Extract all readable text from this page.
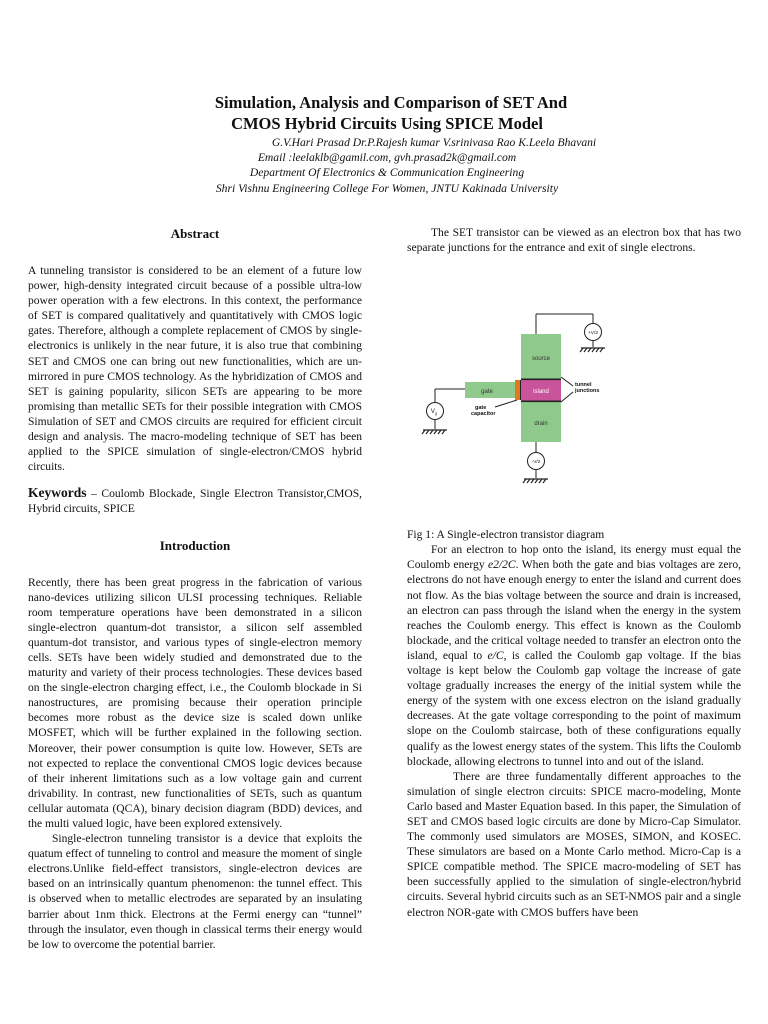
Simulation, Analysis and Comparison of SET And
CMOS Hybrid Circuits Using SPICE Model
G.V.Hari Prasad Dr.P.Rajesh kumar V.srinivasa Rao K.Leela Bhavani
Email :leelaklb@gamil.com, gvh.prasad2k@gmail.com
Department Of Electronics & Communication Engineering
Shri Vishnu Engineering College For Women, JNTU Kakinada University
Abstract

A tunneling transistor is considered to be an element of a future low power, high-density integrated circuit because of a possible ultra-low power operation with a few electrons. In this context, the performance of SET is compared qualitatively and quantitatively with CMOS logic gates. Therefore, although a complete replacement of CMOS by single-electronics is unlikely in the near future, it is also true that combining SET and CMOS one can bring out new functionalities, which are un-mirrored in pure CMOS technology. As the hybridization of CMOS and SET is gaining popularity, silicon SETs are appearing to be more promising than metallic SETs for their possible integration with CMOS Simulation of SET and CMOS circuits are required for efficient circuit design and analysis. The macro-modeling technique of SET has been applied to the SPICE simulation of single-electron/CMOS hybrid circuits.

Keywords – Coulomb Blockade, Single Electron Transistor,CMOS, Hybrid circuits, SPICE

Introduction

Recently, there has been great progress in the fabrication of various nano-devices utilizing silicon ULSI processing techniques. Reliable room temperature operations have been demonstrated in a silicon single-electron quantum-dot transistor, a silicon self assembled quantum-dot transistor, and various types of single-electron memory cells. SETs have been widely studied and demonstrated due to the maturity and variety of their process technologies. These devices based on the single-electron charging effect, i.e., the Coulomb blockade in Si nanostructures, are promising because their operation principle becomes more robust as the device size is scaled down unlike MOSFET, which will be further explained in the following section. Moreover, their power consumption is quite low. However, SETs are not expected to replace the conventional CMOS logic devices because of their inherent limitations such as a low voltage gain and current drivability. In contrast, new functionalities of SETs, such as quantum cellular automata (QCA), binary decision diagram (BDD) devices, and the multi valued logic, have been explored extensively.

Single-electron tunneling transistor is a device that exploits the quatum effect of tunneling to control and measure the moment of single electrons.Unlike field-effect transistors, single-electron devices are based on an intrinsically quantum phenomenon: the tunnel effect. This is observed when to metallic electrodes are separated by an insulating barrier about 1nm thick. Electrons at the Fermi energy can “tunnel” through the insulator, even though in classical terms their energy would be low to overcome the potential barrier.

The SET transistor can be viewed as an electron box that has two separate junctions for the entrance and exit of single electrons.

source
island
drain
gate
tunnel
junctions
gate
capacitor
+V/2
-V/2
$V_g$

Fig 1: A Single-electron transistor diagram

For an electron to hop onto the island, its energy must equal the Coulomb energy e2/2C. When both the gate and bias voltages are zero, electrons do not have enough energy to enter the island and current does not flow. As the bias voltage between the source and drain is increased, an electron can pass through the island when the energy in the system reaches the Coulomb energy. This effect is known as the Coulomb blockade, and the critical voltage needed to transfer an electron onto the island, equal to e/C, is called the Coulomb gap voltage. If the bias voltage is kept below the Coulomb gap voltage the increase of gate voltage gradually increases the energy of the initial system while the energy of the system with one excess electron on the island gradually decreases. At the gate voltage corresponding to the point of maximum slope on the Coulomb staircase, both of these configurations equally qualify as the lowest energy states of the system. This lifts the Coulomb blockade, allowing electrons to tunnel into and out of the island.

There are three fundamentally different approaches to the simulation of single electron circuits: SPICE macro-modeling, Monte Carlo based and Master Equation based. In this paper, the Simulation of SET and CMOS based logic circuits are done by Micro-Cap Simulator. The commonly used simulators are MOSES, SIMON, and KOSEC. These simulators are based on a Monte Carlo method. Micro-Cap is a SPICE compatible method. The SPICE macro-modeling of SET has been successfully applied to the simulation of single-electron/hybrid circuits. Several hybrid circuits such as an SET-NMOS pair and a single electron NOR-gate with CMOS buffers have been
